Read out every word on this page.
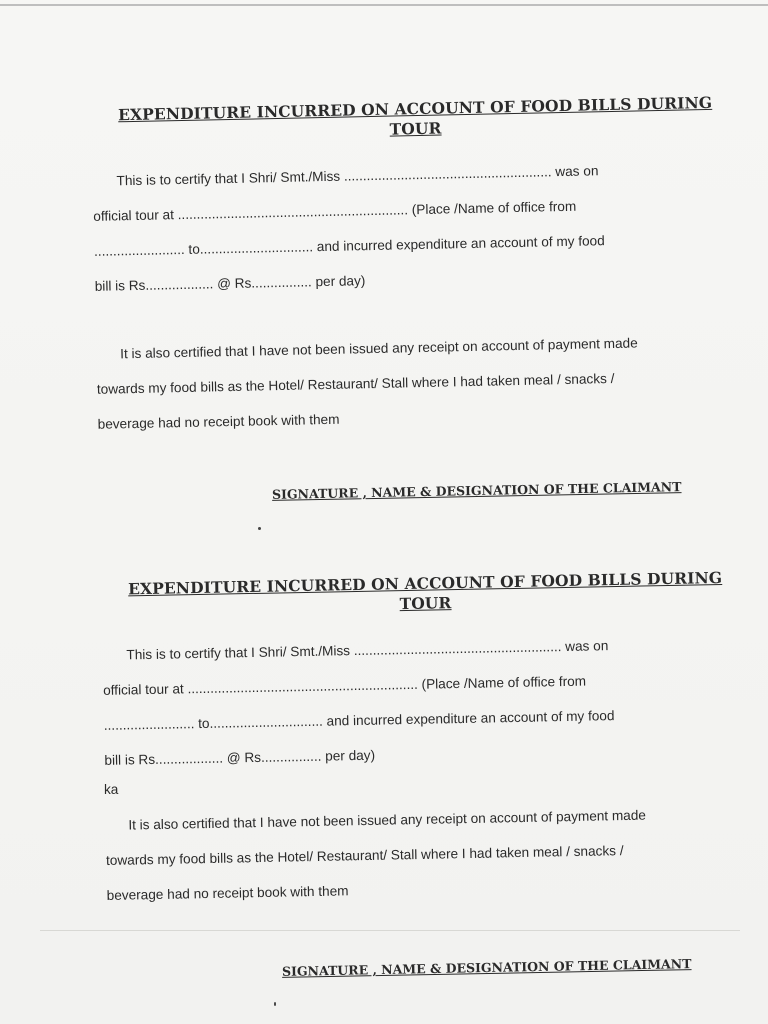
EXPENDITURE INCURRED ON ACCOUNT OF FOOD BILLS DURING

TOUR

This is to certify that I Shri/ Smt./Miss ....................................................... was on

official tour at ............................................................. (Place /Name of office from

........................ to.............................. and incurred expenditure an account of my food

bill is Rs.................. @ Rs................ per day)

It is also certified that I have not been issued any receipt on account of payment made

towards my food bills as the Hotel/ Restaurant/ Stall where I had taken meal / snacks /

beverage had no receipt book with them

SIGNATURE , NAME & DESIGNATION OF THE CLAIMANT

EXPENDITURE INCURRED ON ACCOUNT OF FOOD BILLS DURING

TOUR

This is to certify that I Shri/ Smt./Miss ....................................................... was on

official tour at ............................................................. (Place /Name of office from

........................ to.............................. and incurred expenditure an account of my food

bill is Rs.................. @ Rs................ per day)

ka

It is also certified that I have not been issued any receipt on account of payment made

towards my food bills as the Hotel/ Restaurant/ Stall where I had taken meal / snacks /

beverage had no receipt book with them

SIGNATURE , NAME & DESIGNATION OF THE CLAIMANT
